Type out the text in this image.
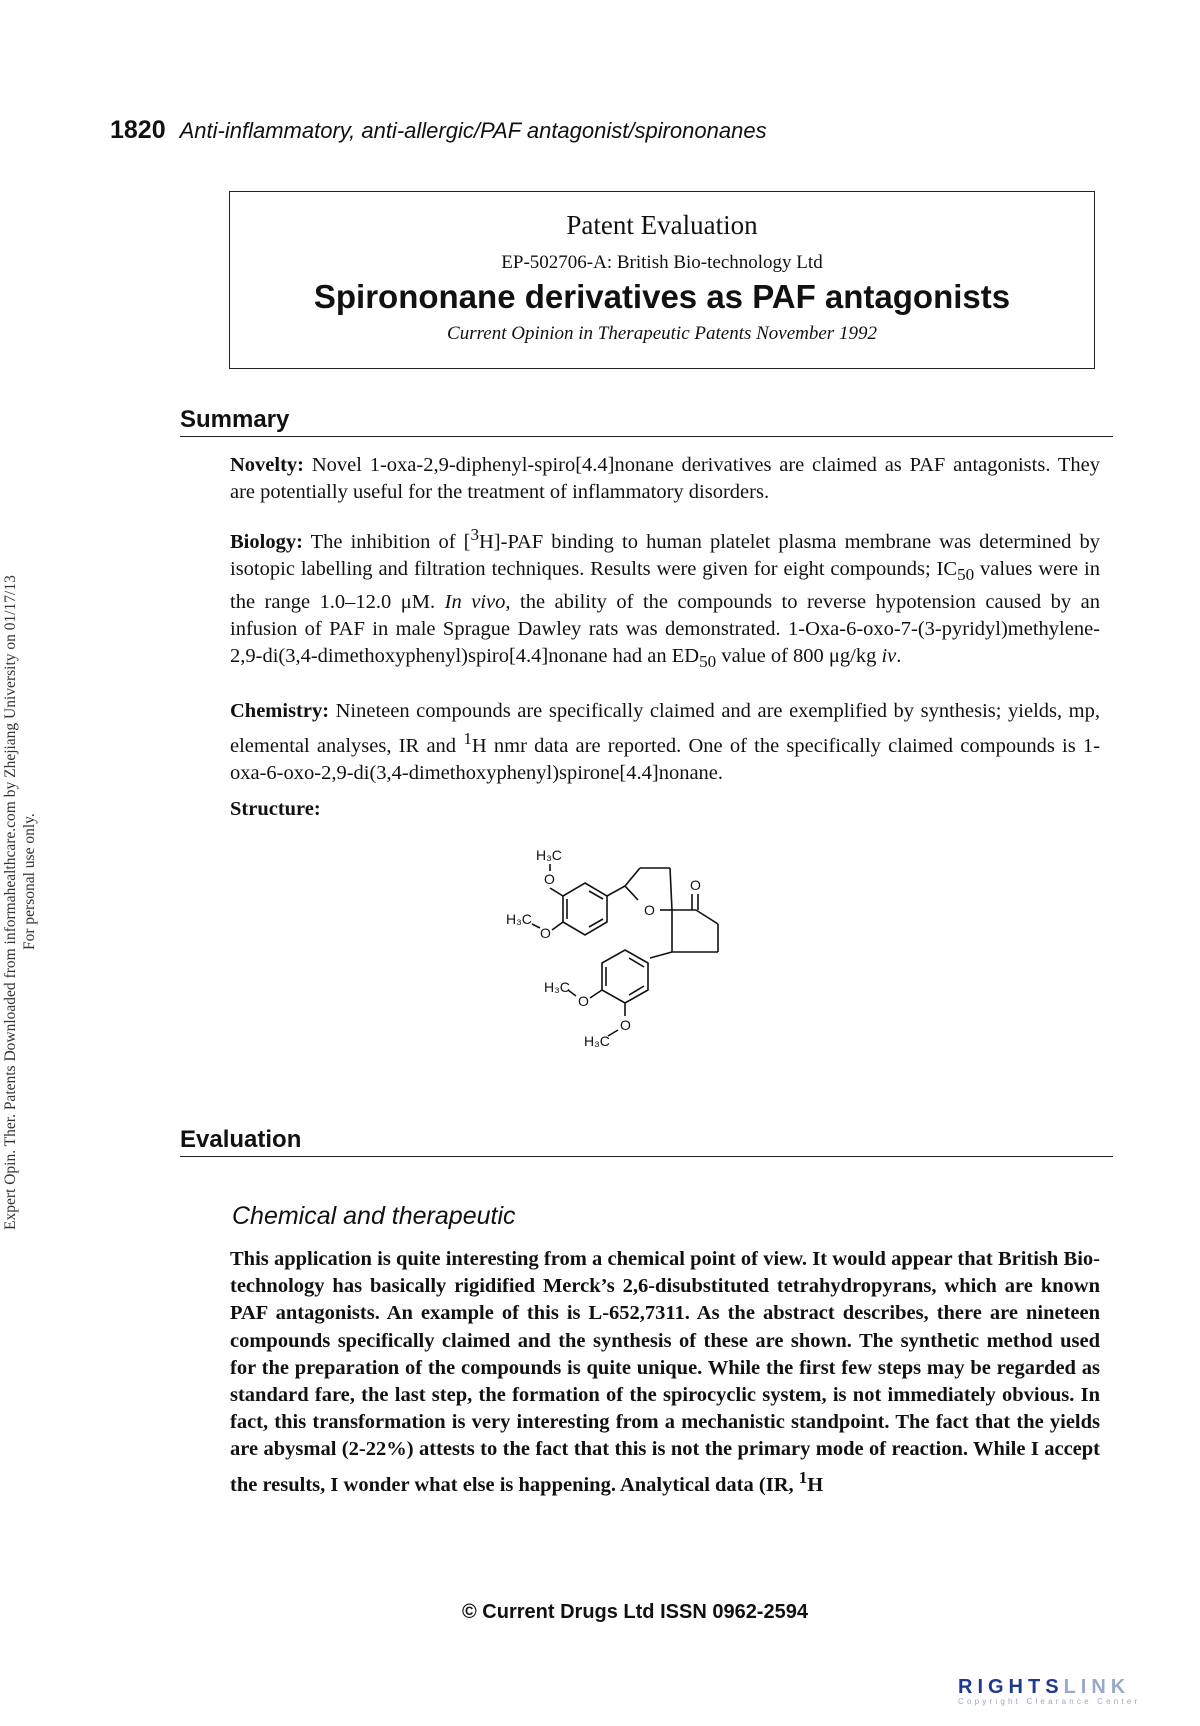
1820 Anti-inflammatory, anti-allergic/PAF antagonist/spirononanes
Expert Opin. Ther. Patents Downloaded from informahealthcare.com by Zhejiang University on 01/17/13 For personal use only.
Patent Evaluation
EP-502706-A: British Bio-technology Ltd
Spirononane derivatives as PAF antagonists
Current Opinion in Therapeutic Patents November 1992
Summary

Novelty: Novel 1-oxa-2,9-diphenyl-spiro[4.4]nonane derivatives are claimed as PAF antagonists. They are potentially useful for the treatment of inflammatory disorders.

Biology: The inhibition of [$^3$H]-PAF binding to human platelet plasma membrane was determined by isotopic labelling and filtration techniques. Results were given for eight compounds; $IC_{50}$ values were in the range 1.0–12.0 μM. In vivo, the ability of the compounds to reverse hypotension caused by an infusion of PAF in male Sprague Dawley rats was demonstrated. 1-Oxa-6-oxo-7-(3-pyridyl)methylene-2,9-di(3,4-dimethoxyphenyl)spiro[4.4]nonane had an $ED_{50}$ value of 800 μg/kg iv.

Chemistry: Nineteen compounds are specifically claimed and are exemplified by synthesis; yields, mp, elemental analyses, IR and $^1$H nmr data are reported. One of the specifically claimed compounds is 1-oxa-6-oxo-2,9-di(3,4-dimethoxyphenyl)spirone[4.4]nonane.

Structure:

H₃C
O
H₃C
O
O
O
H₃C
O
H₃C
O
Evaluation
Chemical and therapeutic

This application is quite interesting from a chemical point of view. It would appear that British Bio-technology has basically rigidified Merck’s 2,6-disubstituted tetrahydropyrans, which are known PAF antagonists. An example of this is L-652,7311. As the abstract describes, there are nineteen compounds specifically claimed and the synthesis of these are shown. The synthetic method used for the preparation of the compounds is quite unique. While the first few steps may be regarded as standard fare, the last step, the formation of the spirocyclic system, is not immediately obvious. In fact, this transformation is very interesting from a mechanistic standpoint. The fact that the yields are abysmal (2-22%) attests to the fact that this is not the primary mode of reaction. While I accept the results, I wonder what else is happening. Analytical data (IR, $^1$H

© Current Drugs Ltd ISSN 0962-2594
RIGHTSLINK
Copyright Clearance Center
